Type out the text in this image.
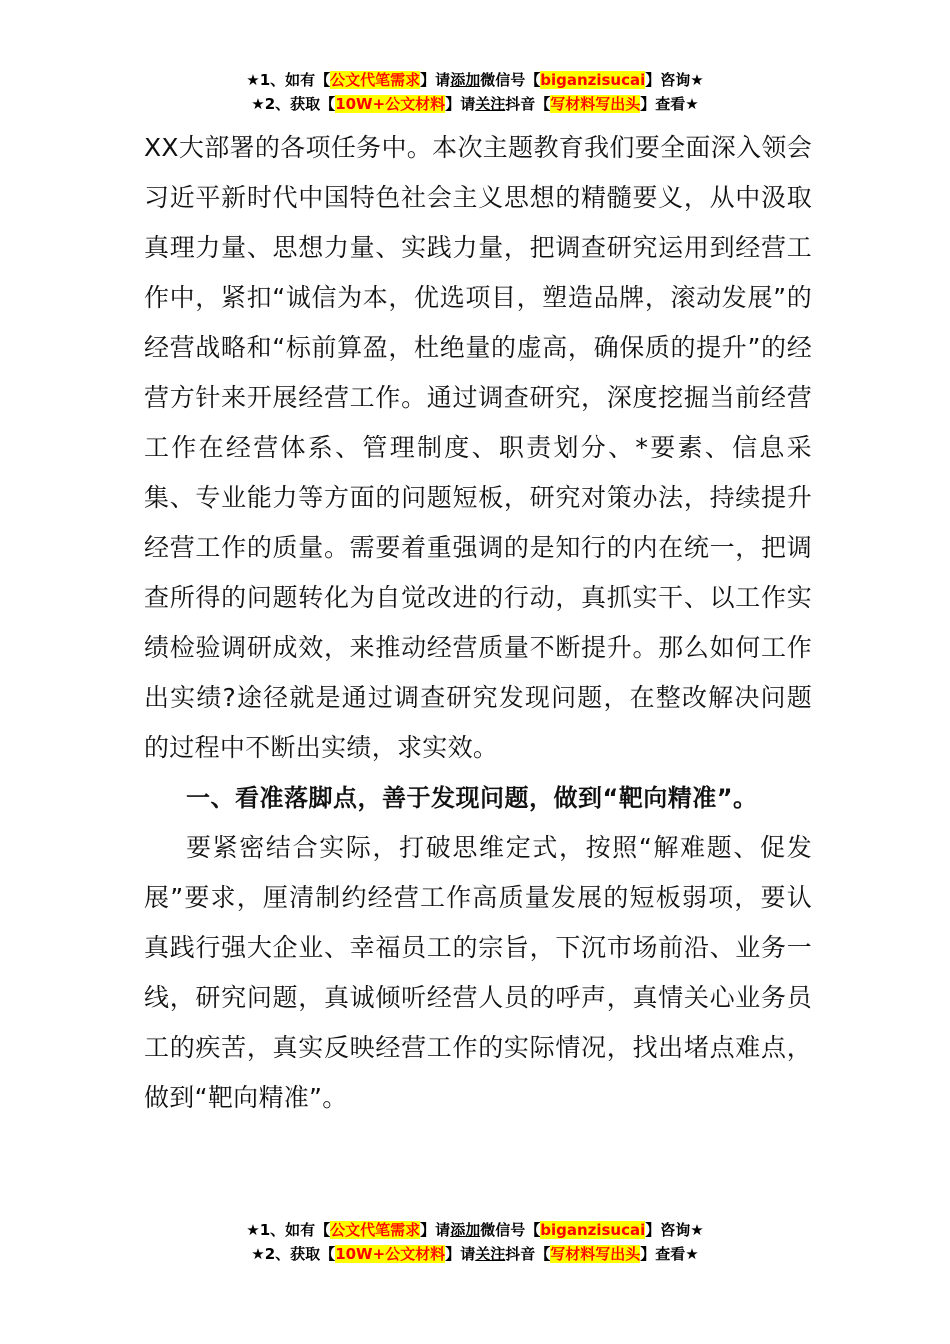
★1、如有【公文代笔需求】请添加微信号【biganzisucai】咨询★
★2、获取【10W+公文材料】请关注抖音【写材料写出头】查看★

XX大部署的各项任务中。本次主题教育我们要全面深入领会习近平新时代中国特色社会主义思想的精髓要义，从中汲取真理力量、思想力量、实践力量，把调查研究运用到经营工作中，紧扣“诚信为本，优选项目，塑造品牌，滚动发展”的经营战略和“标前算盈，杜绝量的虚高，确保质的提升”的经营方针来开展经营工作。通过调查研究，深度挖掘当前经营工作在经营体系、管理制度、职责划分、*要素、信息采集、专业能力等方面的问题短板，研究对策办法，持续提升经营工作的质量。需要着重强调的是知行的内在统一，把调查所得的问题转化为自觉改进的行动，真抓实干、以工作实绩检验调研成效，来推动经营质量不断提升。那么如何工作出实绩?途径就是通过调查研究发现问题，在整改解决问题的过程中不断出实绩，求实效。

一、看准落脚点，善于发现问题，做到“靶向精准”。

要紧密结合实际，打破思维定式，按照“解难题、促发展”要求，厘清制约经营工作高质量发展的短板弱项，要认真践行强大企业、幸福员工的宗旨，下沉市场前沿、业务一线，研究问题，真诚倾听经营人员的呼声，真情关心业务员工的疾苦，真实反映经营工作的实际情况，找出堵点难点，做到“靶向精准”。

★1、如有【公文代笔需求】请添加微信号【biganzisucai】咨询★
★2、获取【10W+公文材料】请关注抖音【写材料写出头】查看★
